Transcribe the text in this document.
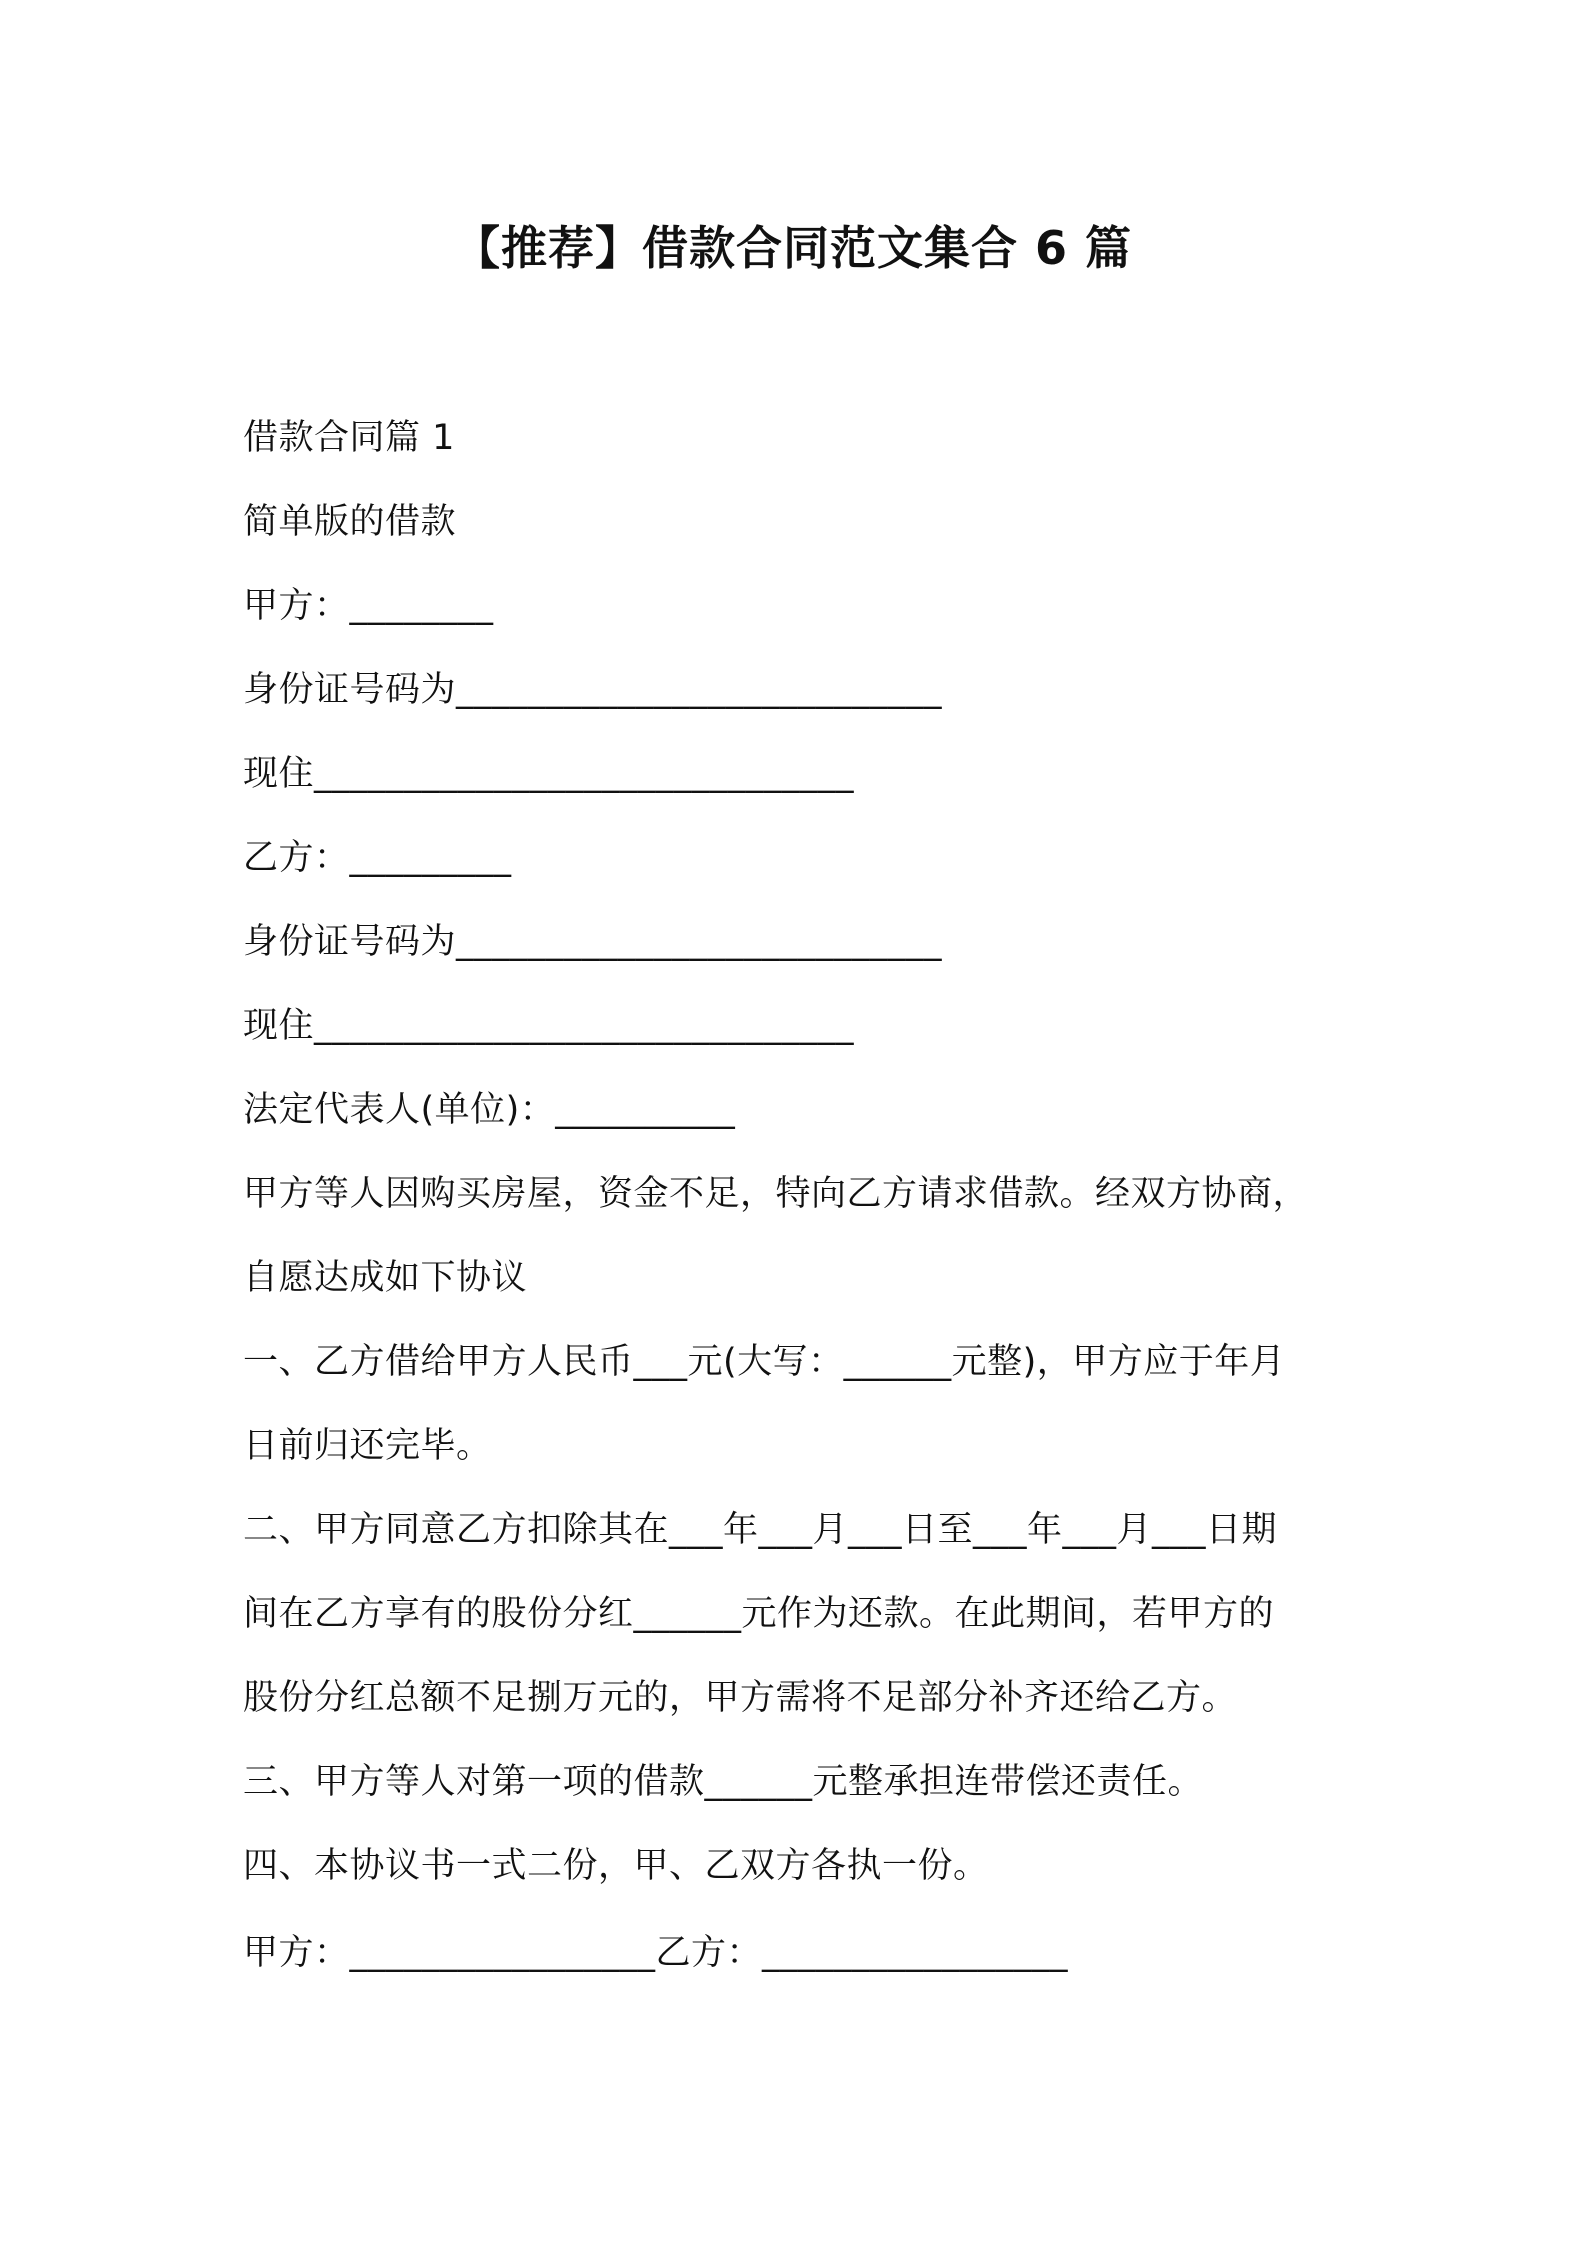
【推荐】借款合同范文集合 6 篇
借款合同篇 1
简单版的借款
甲方：________
身份证号码为___________________________
现住______________________________
乙方：_________
身份证号码为___________________________
现住______________________________
法定代表人(单位)：__________
甲方等人因购买房屋，资金不足，特向乙方请求借款。经双方协商，
自愿达成如下协议
一、乙方借给甲方人民币___元(大写：______元整)，甲方应于年月
日前归还完毕。
二、甲方同意乙方扣除其在___年___月___日至___年___月___日期
间在乙方享有的股份分红______元作为还款。在此期间，若甲方的
股份分红总额不足捌万元的，甲方需将不足部分补齐还给乙方。
三、甲方等人对第一项的借款______元整承担连带偿还责任。
四、本协议书一式二份，甲、乙双方各执一份。
甲方：_________________乙方：_________________
